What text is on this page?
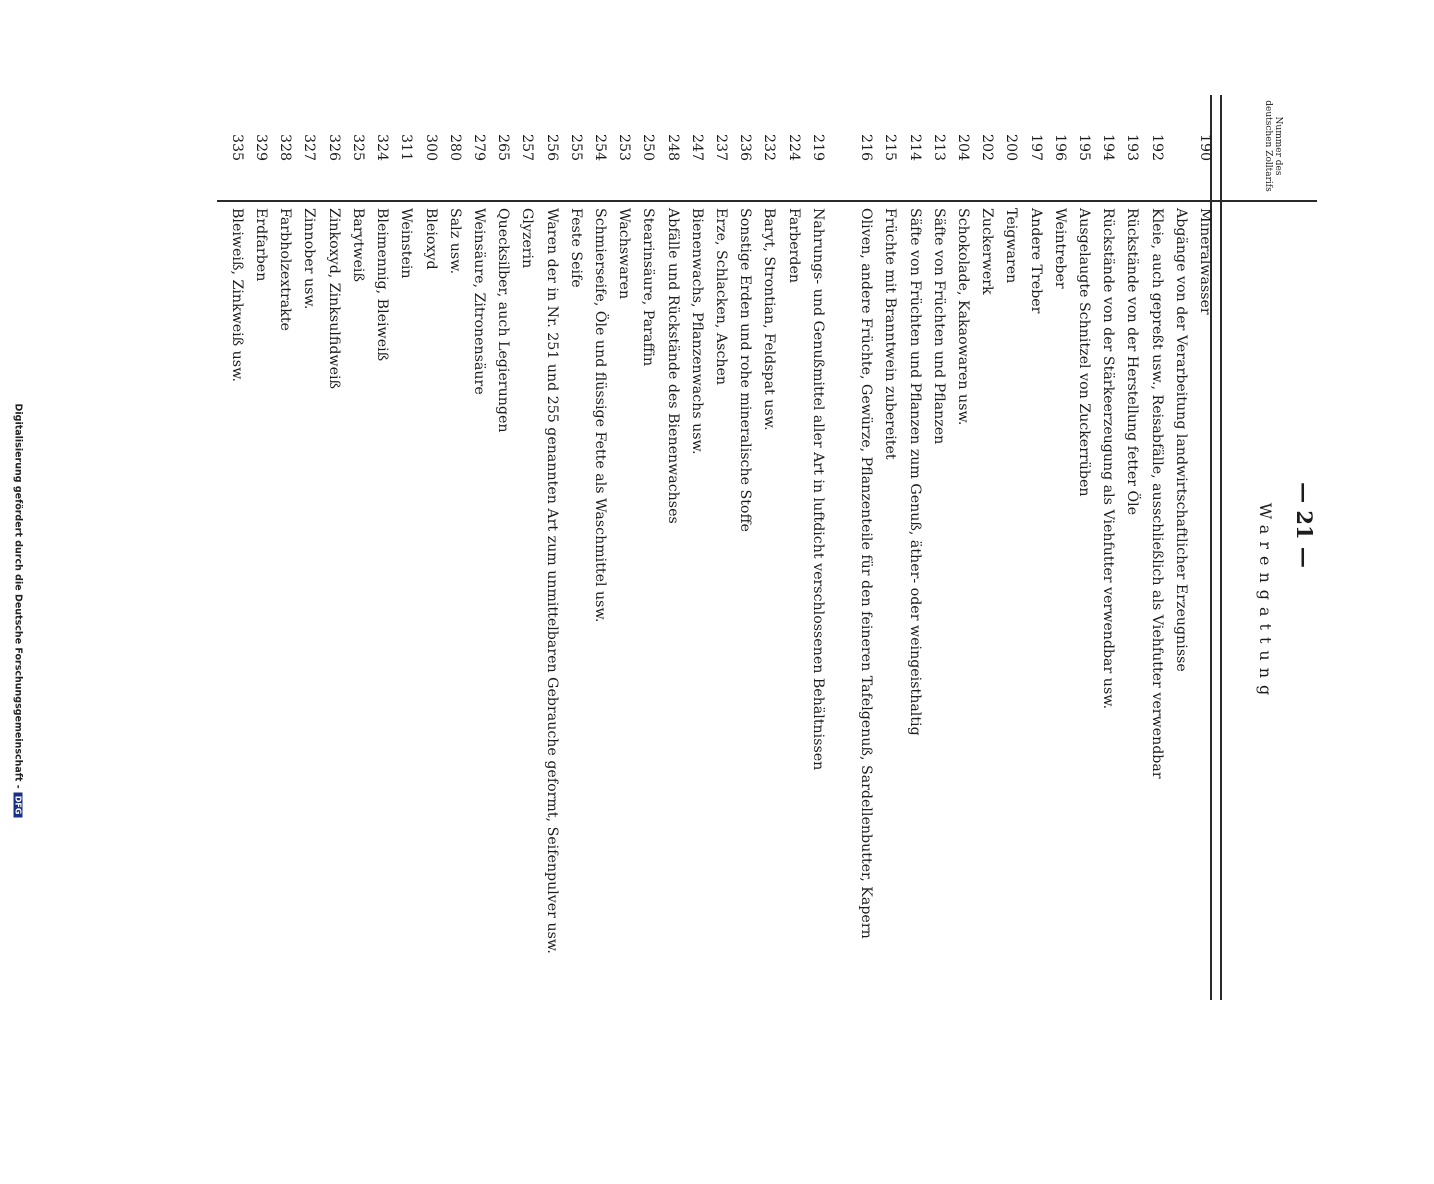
— 21 —
Nummer des deutschen Zolltarifs
Warengattung
190
Mineralwasser
Abgänge von der Verarbeitung landwirtschaftlicher Erzeugnisse
192
Kleie, auch gepreßt usw., Reisabfälle, ausschließlich als Viehfutter verwendbar
193
Rückstände von der Herstellung fetter Öle
194
Rückstände von der Stärkeerzeugung als Viehfutter verwendbar usw.
195
Ausgelaugte Schnitzel von Zuckerrüben
196
Weintreber
197
Andere Treber
200
Teigwaren
202
Zuckerwerk
204
Schokolade, Kakaowaren usw.
213
Säfte von Früchten und Pflanzen
214
Säfte von Früchten und Pflanzen zum Genuß, äther- oder weingeisthaltig
215
Früchte mit Branntwein zubereitet
216
Oliven, andere Früchte, Gewürze, Pflanzenteile für den feineren Tafelgenuß, Sardellenbutter, Kapern
219
Nahrungs- und Genußmittel aller Art in luftdicht verschlossenen Behältnissen
224
Farberden
232
Baryt, Strontian, Feldspat usw.
236
Sonstige Erden und rohe mineralische Stoffe
237
Erze, Schlacken, Aschen
247
Bienenwachs, Pflanzenwachs usw.
248
Abfälle und Rückstände des Bienenwachses
250
Stearinsäure, Paraffin
253
Wachswaren
254
Schmierseife, Öle und flüssige Fette als Waschmittel usw.
255
Feste Seife
256
Waren der in Nr. 251 und 255 genannten Art zum unmittelbaren Gebrauche geformt, Seifenpulver usw.
257
Glyzerin
265
Quecksilber, auch Legierungen
279
Weinsäure, Zitronensäure
280
Salz usw.
300
Bleioxyd
311
Weinstein
324
Bleimennig, Bleiweiß
325
Barytweiß
326
Zinkoxyd, Zinksulfidweiß
327
Zinnober usw.
328
Farbholzextrakte
329
Erdfarben
335
Bleiweiß, Zinkweiß usw.
Digitalisierung gefördert durch die Deutsche Forschungsgemeinschaft -DFG
